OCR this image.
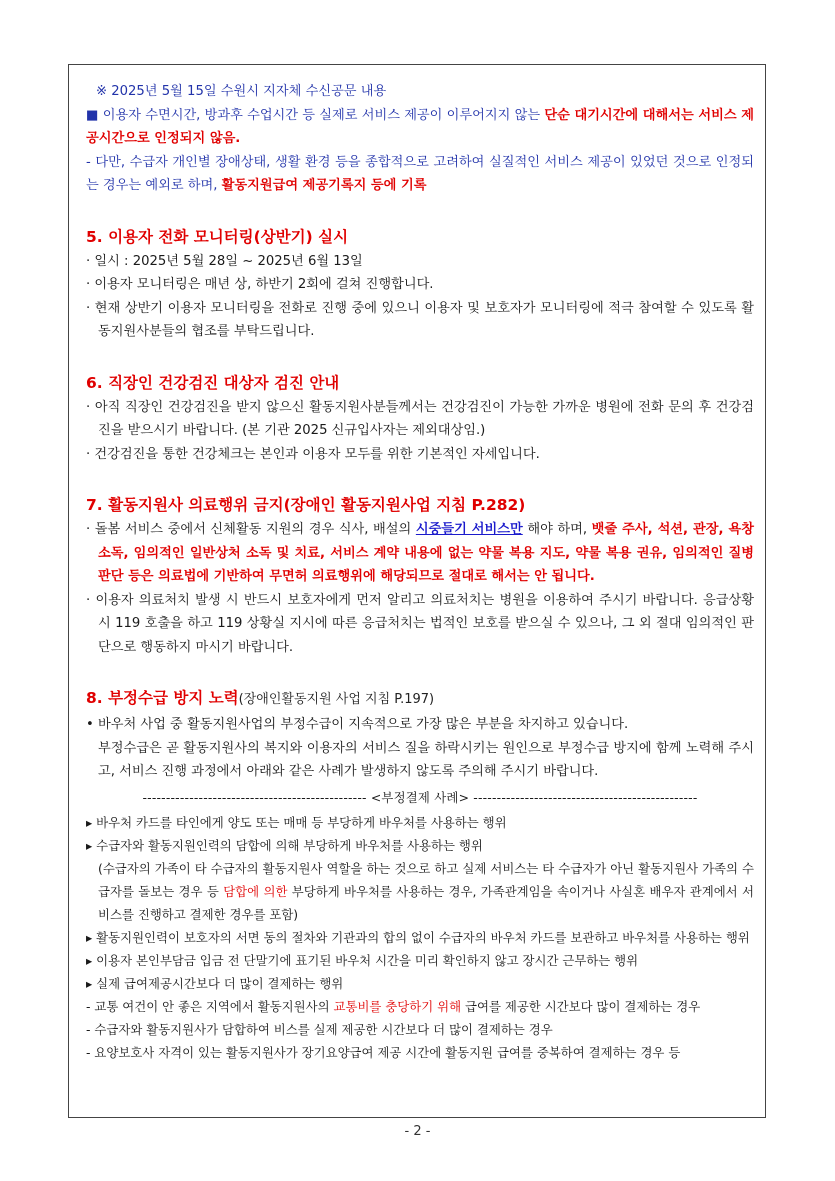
※ 2025년 5월 15일 수원시 지자체 수신공문 내용

■ 이용자 수면시간, 방과후 수업시간 등 실제로 서비스 제공이 이루어지지 않는 단순 대기시간에 대해서는 서비스 제공시간으로 인정되지 않음.

- 다만, 수급자 개인별 장애상태, 생활 환경 등을 종합적으로 고려하여 실질적인 서비스 제공이 있었던 것으로 인정되는 경우는 예외로 하며, 활동지원급여 제공기록지 등에 기록

5. 이용자 전화 모니터링(상반기) 실시

· 일시 : 2025년 5월 28일 ~ 2025년 6월 13일

· 이용자 모니터링은 매년 상, 하반기 2회에 걸쳐 진행합니다.

· 현재 상반기 이용자 모니터링을 전화로 진행 중에 있으니 이용자 및 보호자가 모니터링에 적극 참여할 수 있도록 활동지원사분들의 협조를 부탁드립니다.

6. 직장인 건강검진 대상자 검진 안내

· 아직 직장인 건강검진을 받지 않으신 활동지원사분들께서는 건강검진이 가능한 가까운 병원에 전화 문의 후 건강검진을 받으시기 바랍니다. (본 기관 2025 신규입사자는 제외대상임.)

· 건강검진을 통한 건강체크는 본인과 이용자 모두를 위한 기본적인 자세입니다.

7. 활동지원사 의료행위 금지(장애인 활동지원사업 지침 P.282)

· 돌봄 서비스 중에서 신체활동 지원의 경우 식사, 배설의 시중들기 서비스만 해야 하며, 뱃줄 주사, 석션, 관장, 욕창 소독, 임의적인 일반상처 소독 및 치료, 서비스 계약 내용에 없는 약물 복용 지도, 약물 복용 권유, 임의적인 질병 판단 등은 의료법에 기반하여 무면허 의료행위에 해당되므로 절대로 해서는 안 됩니다.

· 이용자 의료처치 발생 시 반드시 보호자에게 먼저 알리고 의료처치는 병원을 이용하여 주시기 바랍니다. 응급상황 시 119 호출을 하고 119 상황실 지시에 따른 응급처치는 법적인 보호를 받으실 수 있으나, 그 외 절대 임의적인 판단으로 행동하지 마시기 바랍니다.

8. 부정수급 방지 노력(장애인활동지원 사업 지침 P.197)

• 바우처 사업 중 활동지원사업의 부정수급이 지속적으로 가장 많은 부분을 차지하고 있습니다.

부정수급은 곧 활동지원사의 복지와 이용자의 서비스 질을 하락시키는 원인으로 부정수급 방지에 함께 노력해 주시고, 서비스 진행 과정에서 아래와 같은 사례가 발생하지 않도록 주의해 주시기 바랍니다.

------------------------------------------------ <부정결제 사례> ------------------------------------------------

▸ 바우처 카드를 타인에게 양도 또는 매매 등 부당하게 바우처를 사용하는 행위

▸ 수급자와 활동지원인력의 담합에 의해 부당하게 바우처를 사용하는 행위

(수급자의 가족이 타 수급자의 활동지원사 역할을 하는 것으로 하고 실제 서비스는 타 수급자가 아닌 활동지원사 가족의 수급자를 돌보는 경우 등 담합에 의한 부당하게 바우처를 사용하는 경우, 가족관계임을 속이거나 사실혼 배우자 관계에서 서비스를 진행하고 결제한 경우를 포함)

▸ 활동지원인력이 보호자의 서면 동의 절차와 기관과의 합의 없이 수급자의 바우처 카드를 보관하고 바우처를 사용하는 행위

▸ 이용자 본인부담금 입금 전 단말기에 표기된 바우처 시간을 미리 확인하지 않고 장시간 근무하는 행위

▸ 실제 급여제공시간보다 더 많이 결제하는 행위

- 교통 여건이 안 좋은 지역에서 활동지원사의 교통비를 충당하기 위해 급여를 제공한 시간보다 많이 결제하는 경우

- 수급자와 활동지원사가 담합하여 비스를 실제 제공한 시간보다 더 많이 결제하는 경우

- 요양보호사 자격이 있는 활동지원사가 장기요양급여 제공 시간에 활동지원 급여를 중복하여 결제하는 경우 등

- 2 -
